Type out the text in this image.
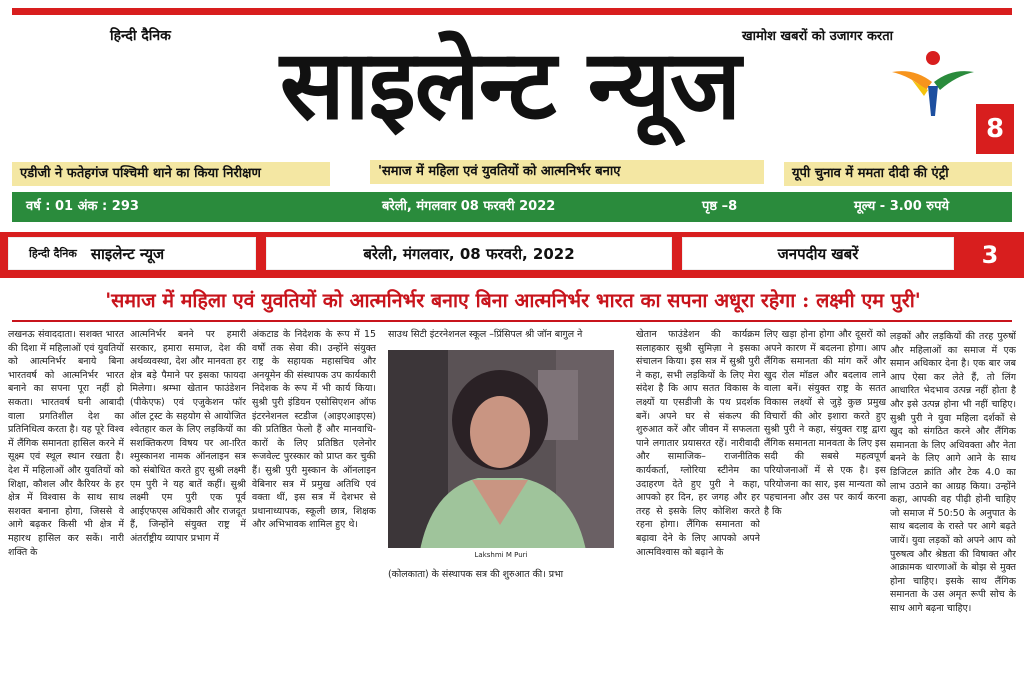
हिन्दी दैनिक	खामोश खबरों को उजागर करता
साइलेन्ट न्यूज	8
एडीजी ने फतेहगंज पश्चिमी थाने का किया निरीक्षण	'समाज में महिला एवं युवतियों को आत्मनिर्भर बनाए	यूपी चुनाव में ममता दीदी की एंट्री
वर्ष : 01 अंक : 293	बरेली, मंगलवार 08 फरवरी 2022	पृष्ठ –8	मूल्य - 3.00 रुपये
हिन्दी दैनिक साइलेन्ट न्यूज	बरेली, मंगलवार, 08 फरवरी, 2022	जनपदीय खबरें	3
'समाज में महिला एवं युवतियों को आत्मनिर्भर बनाए बिना आत्मनिर्भर भारत का सपना अधूरा रहेगा : लक्ष्मी एम पुरी'
लखनऊ संवाददाता। सशक्त भारत की दिशा में महिलाओं एवं युवतियों को आत्मनिर्भर बनाये बिना भारतवर्ष को आत्मनिर्भर भारत बनाने का सपना पूरा नहीं हो सकता। भारतवर्ष घनी आबादी वाला प्रगतिशील देश का प्रतिनिधित्व करता है। यह पूरे विश्व में लैंगिक समानता हासिल करने में सूक्ष्म एवं स्थूल स्थान रखता है। देश में महिलाओं और युवतियों को शिक्षा, कौशल और कैरियर के हर क्षेत्र में विश्वास के साथ साथ सशक्त बनाना होगा, जिससे वे आगे बढ़कर किसी भी क्षेत्र में महारथ हासिल कर सकें। नारी शक्ति के
आत्मनिर्भर बनने पर हमारी सरकार, हमारा समाज, देश की अर्थव्यवस्था, देश और मानवता हर क्षेत्र बड़े पैमाने पर इसका फायदा मिलेगा। श्रम्भा खेतान फाउंडेशन (पीकेएफ) एवं एजुकेशन फॉर ऑल ट्रस्ट के सहयोग से आयोजित श्वेतहार कल के लिए लड़कियों का सशक्तिकरण विषय पर आ-ारित श्मुस्कानश नामक ऑनलाइन सत्र को संबोधित करते हुए सुश्री लक्ष्मी एम पुरी ने यह बातें कहीं। सुश्री लक्ष्मी एम पुरी एक पूर्व आईएफएस अधिकारी और राजदूत हैं, जिन्होंने संयुक्त राष्ट्र में अंतर्राष्ट्रीय व्यापार प्रभाग में
अंकटाड के निदेशक के रूप में 15 वर्षों तक सेवा की। उन्होंने संयुक्त राष्ट्र के सहायक महासचिव और अनयूमेन की संस्थापक उप कार्यकारी निदेशक के रूप में भी कार्य किया। सुश्री पुरी इंडियन एसोसिएशन ऑफ इंटरनेशनल स्टडीज (आइएआइएस) की प्रतिष्ठित फेलो हैं और मानवाधि-कारों के लिए प्रतिष्ठित एलेनोर रूजवेल्ट पुरस्कार को प्राप्त कर चुकी हैं। सुश्री पुरी मुस्कान के ऑनलाइन वेबिनार सत्र में प्रमुख अतिथि एवं वक्ता थीं, इस सत्र में देशभर से प्रधानाध्यापक, स्कूली छात्र, शिक्षक और अभिभावक शामिल हुए थे।
साउथ सिटी इंटरनेशनल स्कूल –प्रिंसिपल श्री जॉन बागुल ने
Lakshmi M Puri
(कोलकाता) के संस्थापक सत्र की शुरुआत की। प्रभा
खेतान फाउंडेशन की कार्यक्रम सलाहकार सुश्री सुमिज़ा ने इसका संचालन किया। इस सत्र में सुश्री पुरी ने कहा, सभी लड़कियों के लिए मेरा संदेश है कि आप सतत विकास के लक्ष्यों या एसडीजी के पथ प्रदर्शक बनें। अपने घर से संकल्प की शुरुआत करें और जीवन में सफलता पाने लगातार प्रयासरत रहें। नारीवादी और सामाजिक– राजनीतिक कार्यकर्ता, ग्लोरिया स्टीनेम का उदाहरण देते हुए पुरी ने कहा, आपको हर दिन, हर जगह और हर तरह से इसके लिए कोशिश करते रहना होगा। लैंगिक समानता को बढ़ावा देने के लिए आपको अपने आत्मविश्वास को बढ़ाने के
लिए खड़ा होना होगा और दूसरों को अपने कारण में बदलना होगा। आप लैंगिक समानता की मांग करें और खुद रोल मॉडल और बदलाव लाने वाला बनें। संयुक्त राष्ट्र के सतत विकास लक्ष्यों से जुड़े कुछ प्रमुख विचारों की ओर इशारा करते हुए सुश्री पुरी ने कहा, संयुक्त राष्ट्र द्वारा लैंगिक समानता मानवता के लिए इस सदी की सबसे महत्वपूर्ण परियोजनाओं में से एक है। इस परियोजना का सार, इस मान्यता को पहचानना और उस पर कार्य करना है कि
लड़कों और लड़कियों की तरह पुरुषों और महिलाओं का समाज में एक समान अधिकार देना है। एक बार जब आप ऐसा कर लेते हैं, तो लिंग आधारित भेदभाव उत्पन्न नहीं होता है और इसे उत्पन्न होना भी नहीं चाहिए। सुश्री पुरी ने युवा महिला दर्शकों से खुद को संगठित करने और लैंगिक समानता के लिए अधिवक्ता और नेता बनने के लिए आगे आने के साथ डिजिटल क्रांति और टेक 4.0 का लाभ उठाने का आग्रह किया। उन्होंने कहा, आपकी वह पीढ़ी होनी चाहिए जो समाज में 50:50 के अनुपात के साथ बदलाव के रास्ते पर आगे बढ़ते जायें। युवा लड़कों को अपने आप को पुरुषत्व और श्रेष्ठता की विषाक्त और आक्रामक धारणाओं के बोझ से मुक्त होना चाहिए। इसके साथ लैंगिक समानता के उस अमृत रूपी सोच के साथ आगे बढ़ना चाहिए।
